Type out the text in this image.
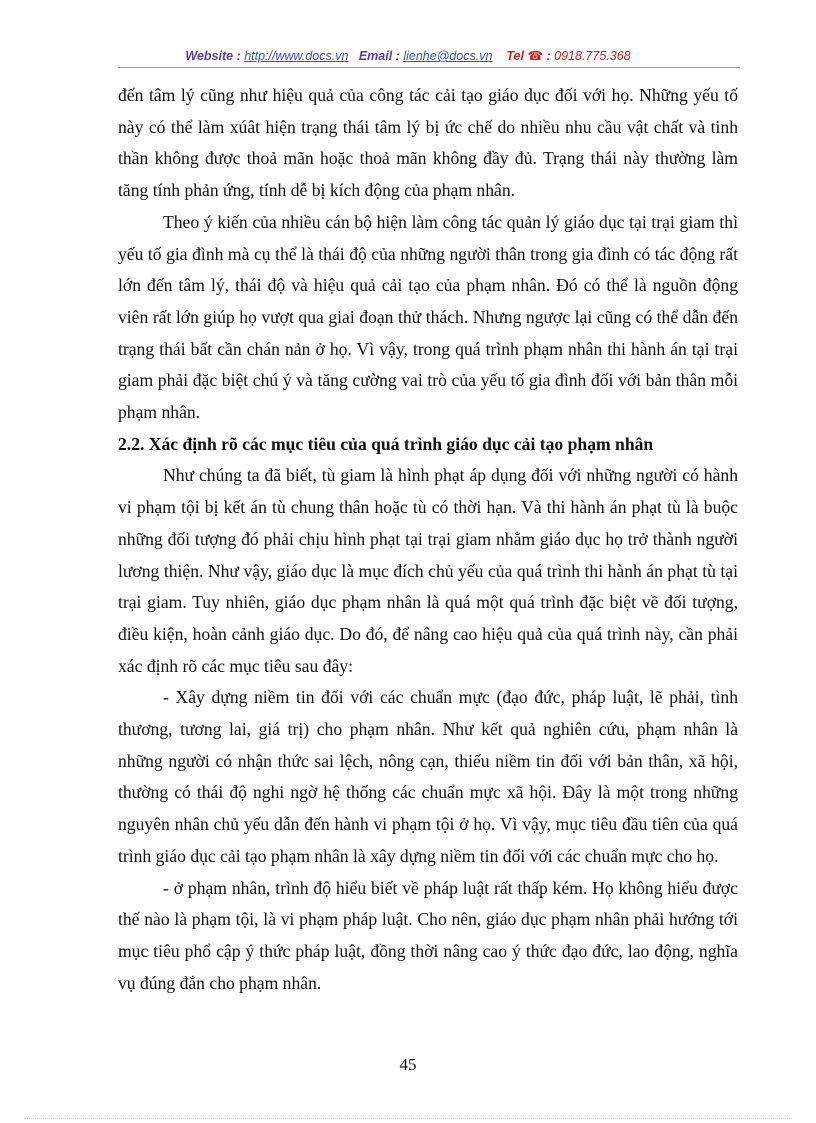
Website : http://www.docs.vn Email : lienhe@docs.vn Tel ☎ : 0918.775.368

đến tâm lý cũng như hiệu quả của công tác cải tạo giáo dục đối với họ. Những yếu tố này có thể làm xúât hiện trạng thái tâm lý bị ức chế do nhiều nhu cầu vật chất và tinh thần không được thoả mãn hoặc thoả mãn không đầy đủ. Trạng thái này thường làm tăng tính phản ứng, tính dễ bị kích động của phạm nhân.

Theo ý kiến của nhiều cán bộ hiện làm công tác quản lý giáo dục tại trại giam thì yếu tố gia đình mà cụ thể là thái độ của những người thân trong gia đình có tác động rất lớn đến tâm lý, thái độ và hiệu quả cải tạo của phạm nhân. Đó có thể là nguồn động viên rất lớn giúp họ vượt qua giai đoạn thử thách. Nhưng ngược lại cũng có thể dẫn đến trạng thái bất cần chán nản ở họ. Vì vậy, trong quá trình phạm nhân thi hành án tại trại giam phải đặc biệt chú ý và tăng cường vai trò của yếu tố gia đình đối với bản thân mỗi phạm nhân.

2.2. Xác định rõ các mục tiêu của quá trình giáo dục cải tạo phạm nhân

Như chúng ta đã biết, tù giam là hình phạt áp dụng đối với những người có hành vi phạm tội bị kết án tù chung thân hoặc tù có thời hạn. Và thi hành án phạt tù là buộc những đối tượng đó phải chịu hình phạt tại trại giam nhằm giáo dục họ trở thành người lương thiện. Như vậy, giáo dục là mục đích chủ yếu của quá trình thi hành án phạt tù tại trại giam. Tuy nhiên, giáo dục phạm nhân là quá một quá trình đặc biệt về đối tượng, điều kiện, hoàn cảnh giáo dục. Do đó, để nâng cao hiệu quả của quá trình này, cần phải xác định rõ các mục tiêu sau đây:

- Xây dựng niềm tin đối với các chuẩn mực (đạo đức, pháp luật, lẽ phải, tình thương, tương lai, giá trị) cho phạm nhân. Như kết quả nghiên cứu, phạm nhân là những người có nhận thức sai lệch, nông cạn, thiếu niềm tin đối với bản thân, xã hội, thường có thái độ nghi ngờ hệ thống các chuẩn mực xã hội. Đây là một trong những nguyên nhân chủ yếu dẫn đến hành vi phạm tội ở họ. Vì vậy, mục tiêu đầu tiên của quá trình giáo dục cải tạo phạm nhân là xây dựng niềm tin đối với các chuẩn mực cho họ.

- ở phạm nhân, trình độ hiểu biết về pháp luật rất thấp kém. Họ không hiểu được thế nào là phạm tội, là vi phạm pháp luật. Cho nên, giáo dục phạm nhân phải hướng tới mục tiêu phổ cập ý thức pháp luật, đồng thời nâng cao ý thức đạo đức, lao động, nghĩa vụ đúng đắn cho phạm nhân.

45
